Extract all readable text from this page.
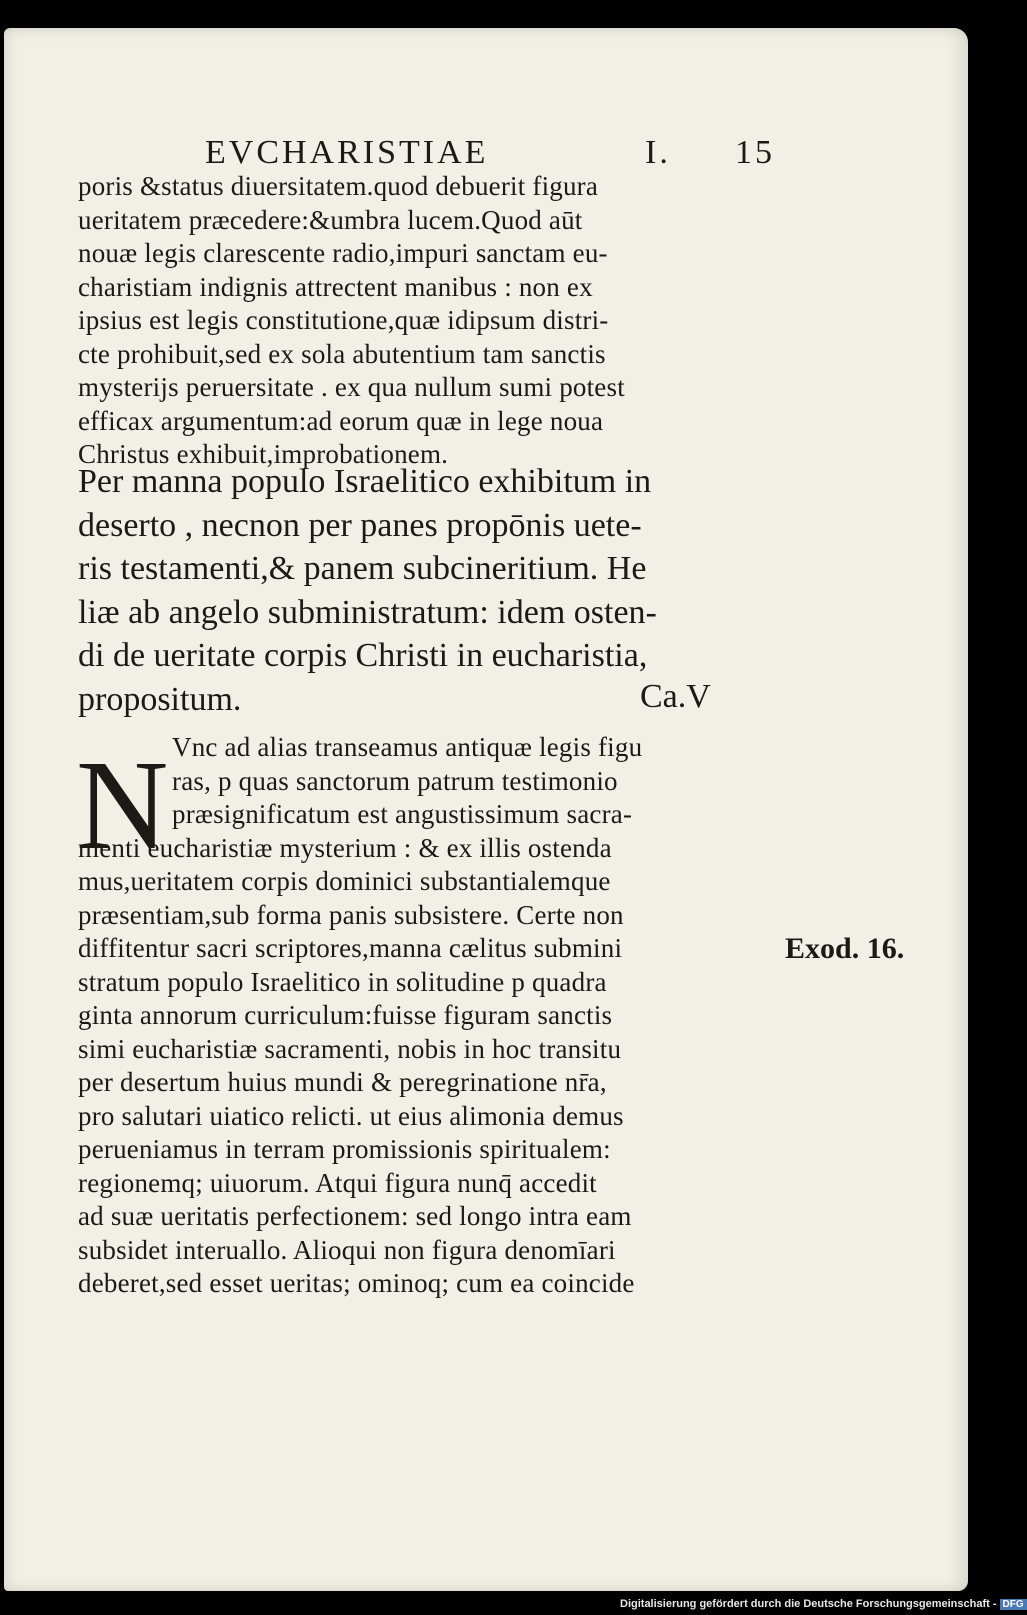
EVCHARISTIAE	I. 15
poris &status diuersitatem.quod debuerit figura
ueritatem præcedere:&umbra lucem.Quod aūt
nouæ legis clarescente radio,impuri sanctam eu-
charistiam indignis attrectent manibus : non ex
ipsius est legis constitutione,quæ idipsum distri-
cte prohibuit,sed ex sola abutentium tam sanctis
mysterijs peruersitate . ex qua nullum sumi potest
efficax argumentum:ad eorum quæ in lege noua
Christus exhibuit,improbationem.
Per manna populo Israelitico exhibitum in
deserto , necnon per panes propōnis uete-
ris testamenti,& panem subcineritium. He
liæ ab angelo subministratum: idem osten-
di de ueritate corpis Christi in eucharistia,
propositum.	Ca.V
N Vnc ad alias transeamus antiquæ legis figu
ras, p quas sanctorum patrum testimonio
præsignificatum est angustissimum sacra-
menti eucharistiæ mysterium : & ex illis ostenda
mus,ueritatem corpis dominici substantialemque
præsentiam,sub forma panis subsistere. Certe non
diffitentur sacri scriptores,manna cælitus submini
stratum populo Israelitico in solitudine p quadra
ginta annorum curriculum:fuisse figuram sanctis
simi eucharistiæ sacramenti, nobis in hoc transitu
per desertum huius mundi & peregrinatione nr̄a,
pro salutari uiatico relicti. ut eius alimonia demus
perueniamus in terram promissionis spiritualem:
regionemq; uiuorum. Atqui figura nunq̄ accedit
ad suæ ueritatis perfectionem: sed longo intra eam
subsidet interuallo. Alioqui non figura denomīari
deberet,sed esset ueritas; ominoq; cum ea coincide
Exod. 16.
Digitalisierung gefördert durch die Deutsche Forschungsgemeinschaft - DFG
